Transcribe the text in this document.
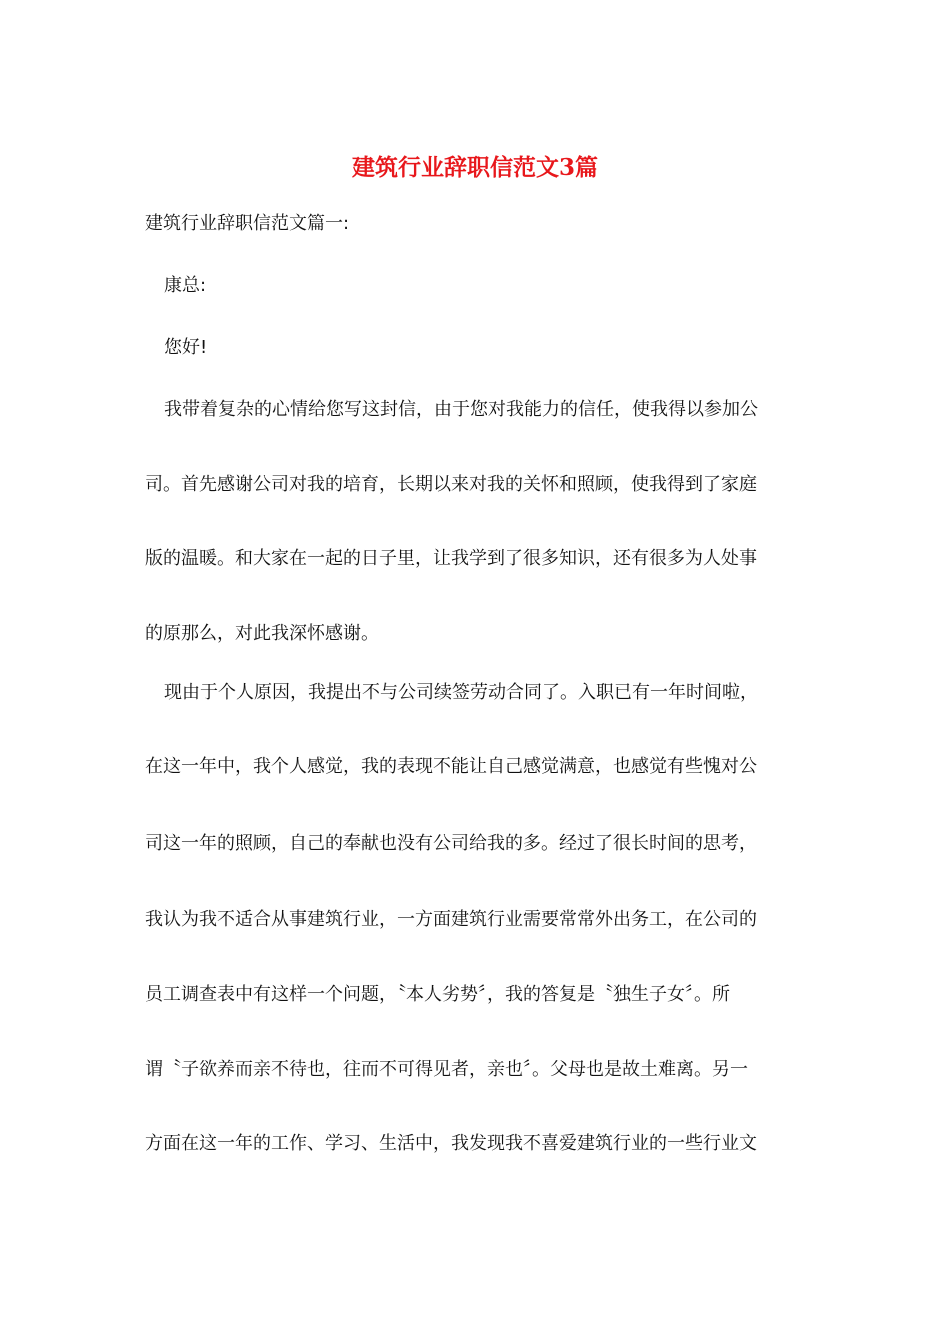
建筑行业辞职信范文3篇

建筑行业辞职信范文篇一:

康总:

您好!

我带着复杂的心情给您写这封信，由于您对我能力的信任，使我得以参加公

司。首先感谢公司对我的培育，长期以来对我的关怀和照顾，使我得到了家庭

版的温暖。和大家在一起的日子里，让我学到了很多知识，还有很多为人处事

的原那么，对此我深怀感谢。

现由于个人原因，我提出不与公司续签劳动合同了。入职已有一年时间啦，

在这一年中，我个人感觉，我的表现不能让自己感觉满意，也感觉有些愧对公

司这一年的照顾，自己的奉献也没有公司给我的多。经过了很长时间的思考，

我认为我不适合从事建筑行业，一方面建筑行业需要常常外出务工，在公司的

员工调查表中有这样一个问题，〝本人劣势〞，我的答复是〝独生子女〞。所

谓〝子欲养而亲不待也，往而不可得见者，亲也〞。父母也是故土难离。另一

方面在这一年的工作、学习、生活中，我发现我不喜爱建筑行业的一些行业文
